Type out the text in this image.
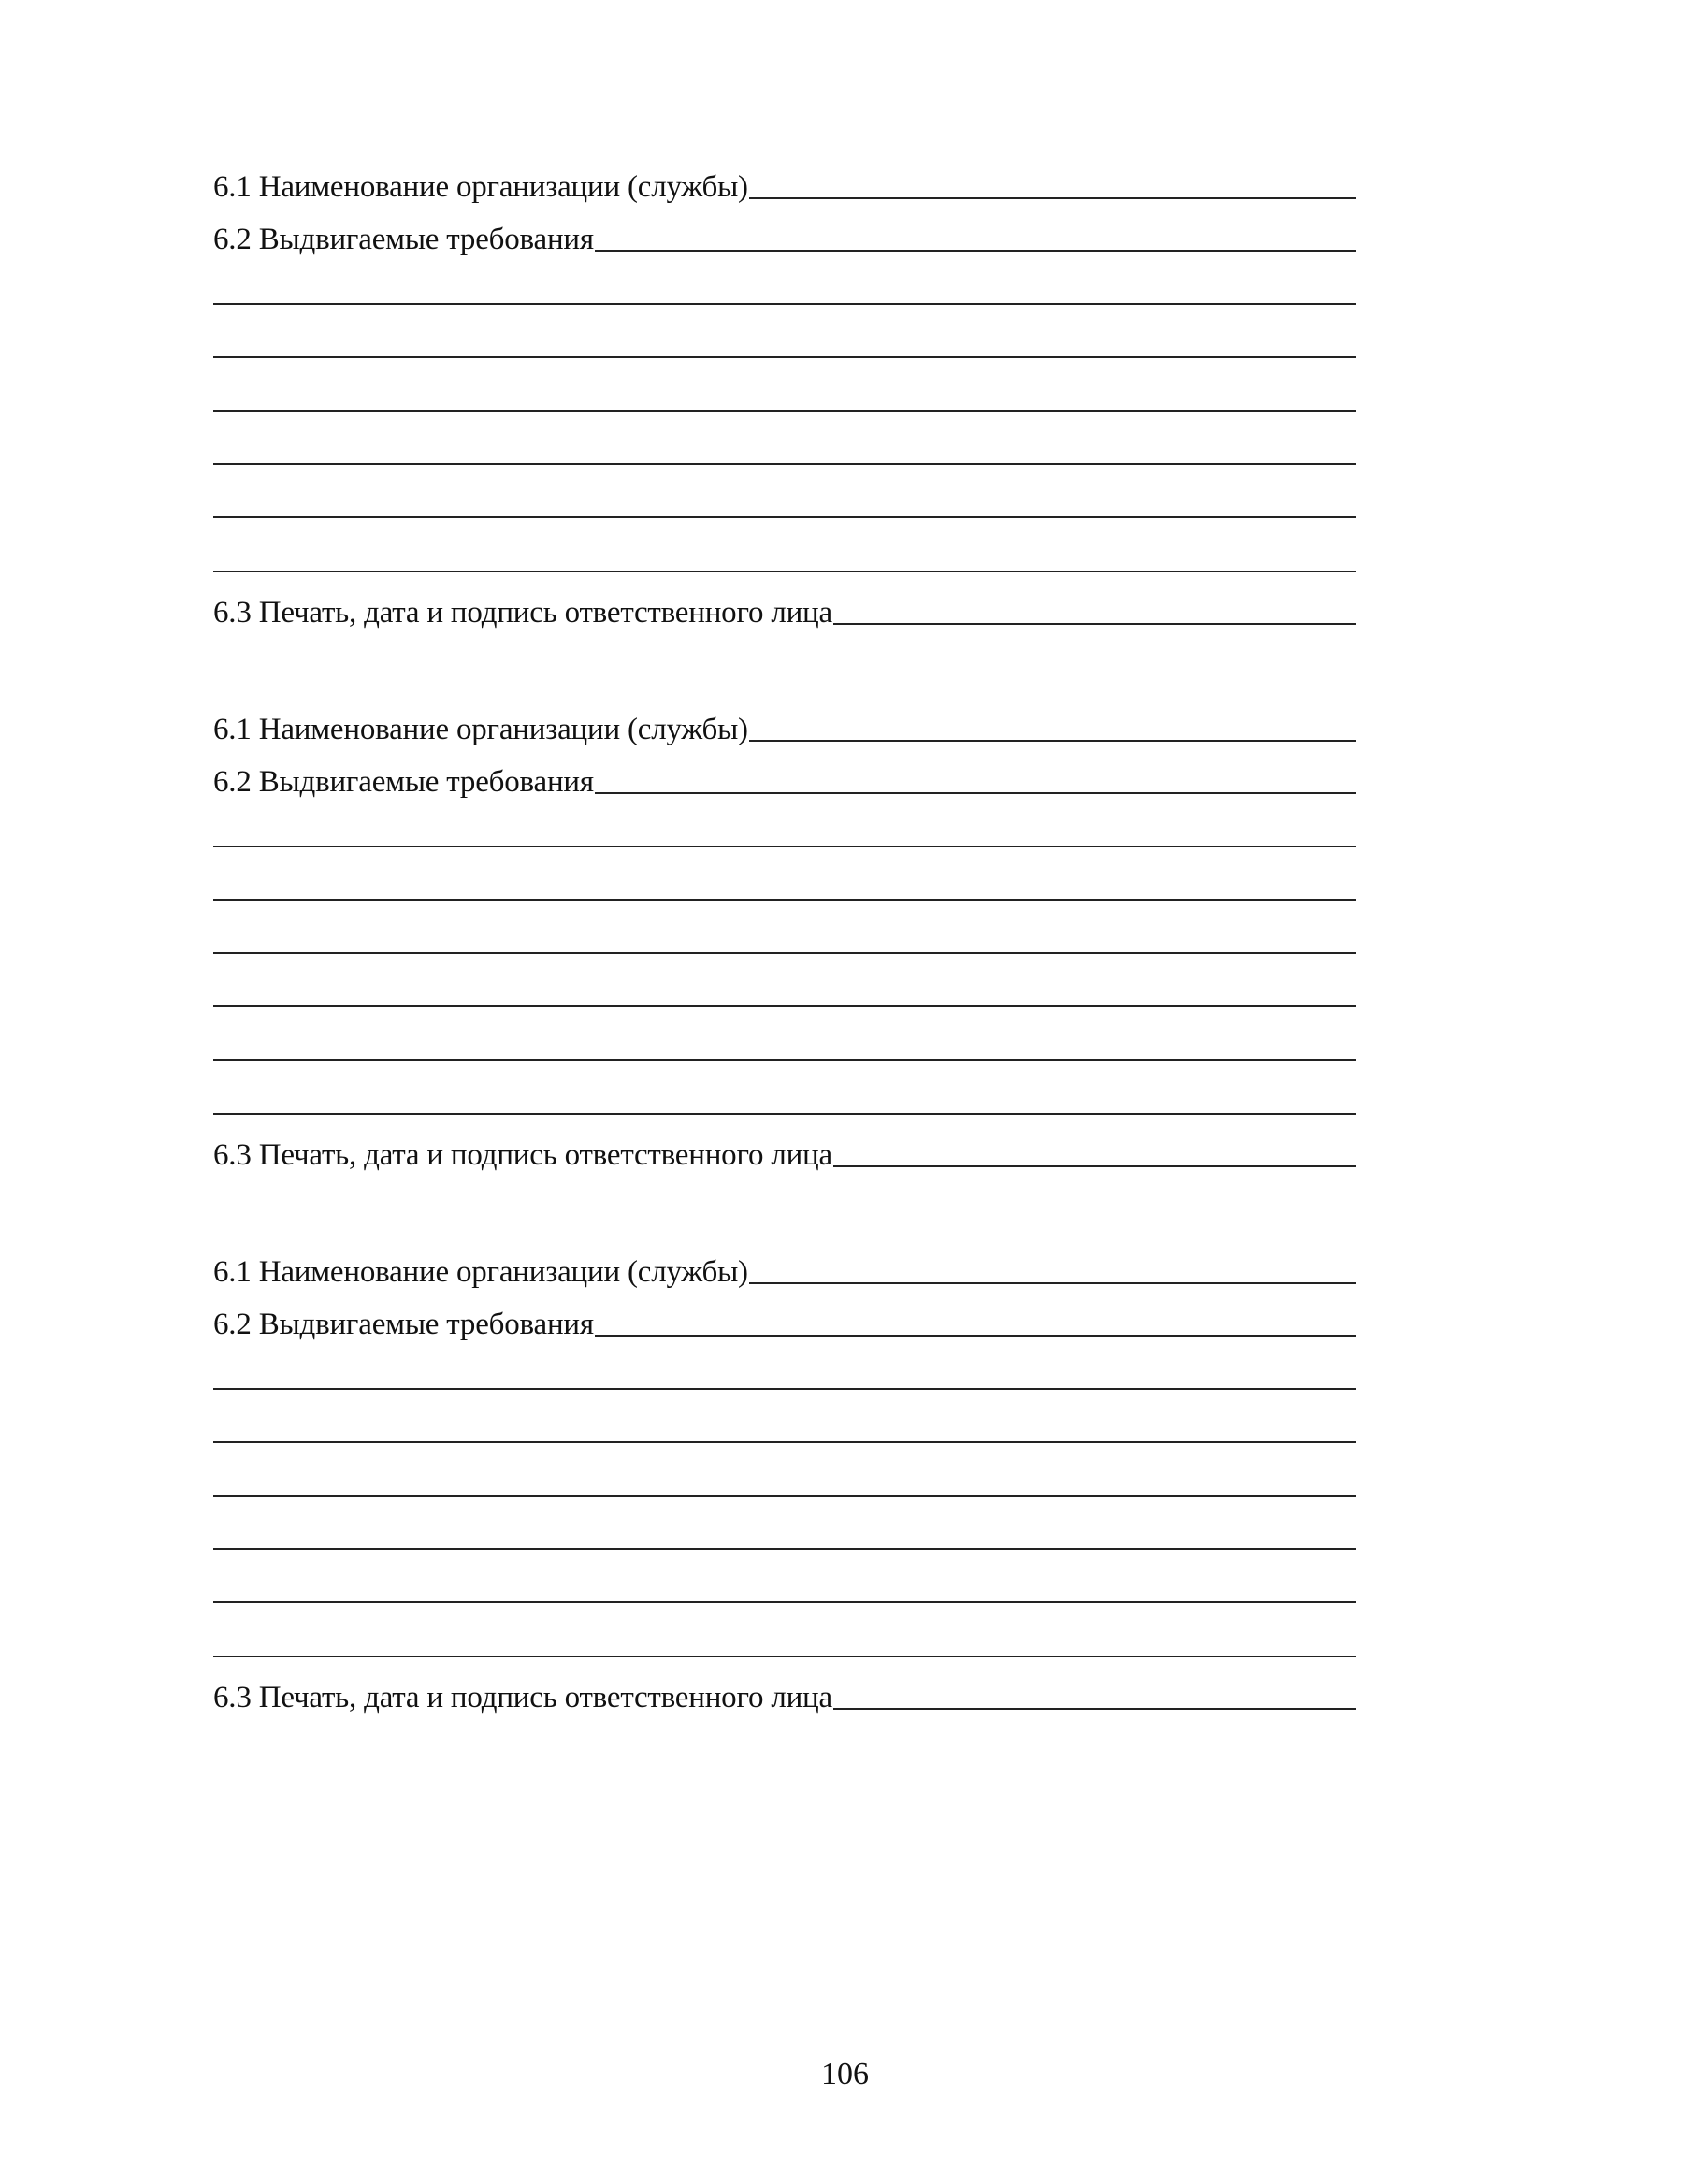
6.1 Наименование организации (службы)
6.2 Выдвигаемые требования
6.3 Печать, дата и подпись ответственного лица
6.1 Наименование организации (службы)
6.2 Выдвигаемые требования
6.3 Печать, дата и подпись ответственного лица
6.1 Наименование организации (службы)
6.2 Выдвигаемые требования
6.3 Печать, дата и подпись ответственного лица
106
